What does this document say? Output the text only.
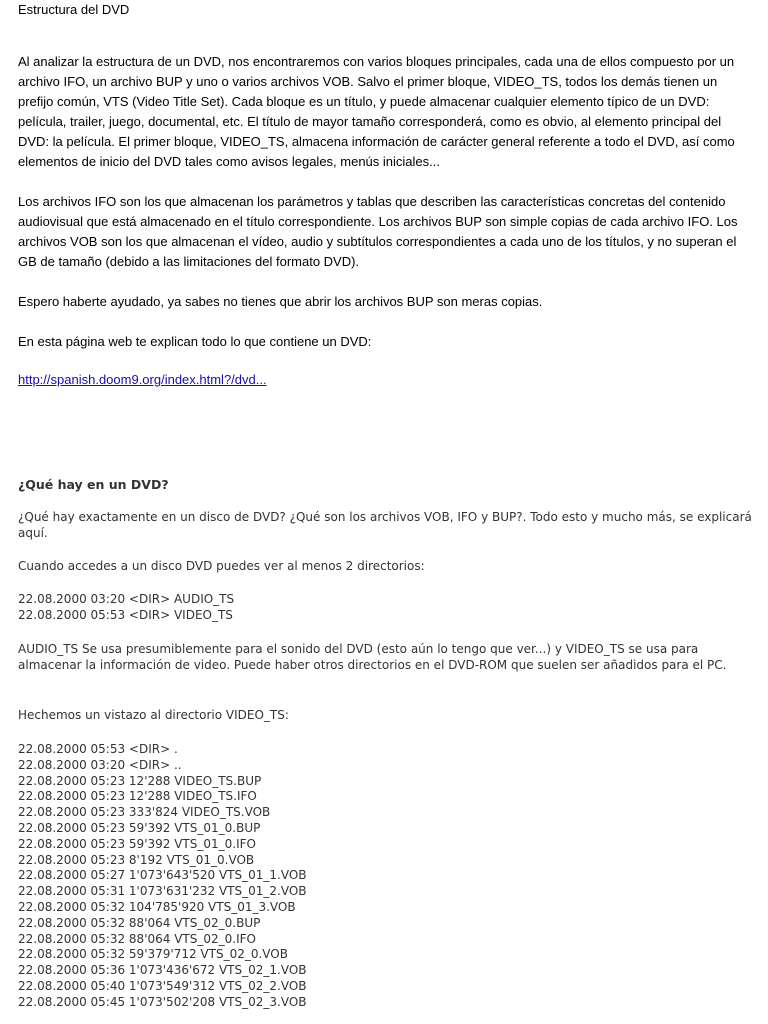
Estructura del DVD

Al analizar la estructura de un DVD, nos encontraremos con varios bloques principales, cada una de ellos compuesto por un archivo IFO, un archivo BUP y uno o varios archivos VOB. Salvo el primer bloque, VIDEO_TS, todos los demás tienen un prefijo común, VTS (Video Title Set). Cada bloque es un título, y puede almacenar cualquier elemento típico de un DVD: película, trailer, juego, documental, etc. El título de mayor tamaño corresponderá, como es obvio, al elemento principal del DVD: la película. El primer bloque, VIDEO_TS, almacena información de carácter general referente a todo el DVD, así como elementos de inicio del DVD tales como avisos legales, menús iniciales...

Los archivos IFO son los que almacenan los parámetros y tablas que describen las características concretas del contenido audiovisual que está almacenado en el título correspondiente. Los archivos BUP son simple copias de cada archivo IFO. Los archivos VOB son los que almacenan el vídeo, audio y subtítulos correspondientes a cada uno de los títulos, y no superan el GB de tamaño (debido a las limitaciones del formato DVD).

Espero haberte ayudado, ya sabes no tienes que abrir los archivos BUP son meras copias.

En esta página web te explican todo lo que contiene un DVD:

http://spanish.doom9.org/index.html?/dvd...
¿Qué hay en un DVD?

¿Qué hay exactamente en un disco de DVD? ¿Qué son los archivos VOB, IFO y BUP?. Todo esto y mucho más, se explicará aquí.

Cuando accedes a un disco DVD puedes ver al menos 2 directorios:

22.08.2000 03:20 <DIR> AUDIO_TS
22.08.2000 05:53 <DIR> VIDEO_TS

AUDIO_TS Se usa presumiblemente para el sonido del DVD (esto aún lo tengo que ver...) y VIDEO_TS se usa para almacenar la información de video. Puede haber otros directorios en el DVD-ROM que suelen ser añadidos para el PC.

Hechemos un vistazo al directorio VIDEO_TS:

22.08.2000 05:53 <DIR> .
22.08.2000 03:20 <DIR> ..
22.08.2000 05:23 12'288 VIDEO_TS.BUP
22.08.2000 05:23 12'288 VIDEO_TS.IFO
22.08.2000 05:23 333'824 VIDEO_TS.VOB
22.08.2000 05:23 59'392 VTS_01_0.BUP
22.08.2000 05:23 59'392 VTS_01_0.IFO
22.08.2000 05:23 8'192 VTS_01_0.VOB
22.08.2000 05:27 1'073'643'520 VTS_01_1.VOB
22.08.2000 05:31 1'073'631'232 VTS_01_2.VOB
22.08.2000 05:32 104'785'920 VTS_01_3.VOB
22.08.2000 05:32 88'064 VTS_02_0.BUP
22.08.2000 05:32 88'064 VTS_02_0.IFO
22.08.2000 05:32 59'379'712 VTS_02_0.VOB
22.08.2000 05:36 1'073'436'672 VTS_02_1.VOB
22.08.2000 05:40 1'073'549'312 VTS_02_2.VOB
22.08.2000 05:45 1'073'502'208 VTS_02_3.VOB
